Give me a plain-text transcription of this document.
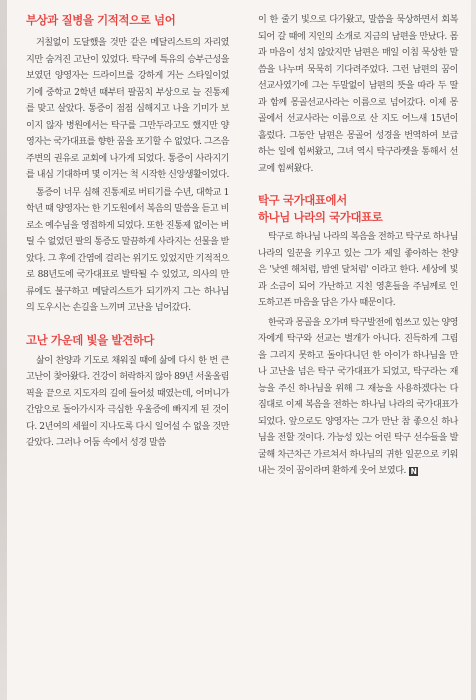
부상과 질병을 기적적으로 넘어

거칠없이 도달했을 것만 같은 메달리스트의 자리였지만 숨겨진 고난이 있었다. 탁구에 특유의 승부근성을 보였던 양영자는 드라이브를 강하게 거는 스타일이었기에 중학교 2학년 때부터 팔꿈치 부상으로 늘 진통제를 맞고 살았다. 통증이 점점 심해지고 나을 기미가 보이지 않자 병원에서는 탁구를 그만두라고도 했지만 양영자는 국가대표를 향한 꿈을 포기할 수 없었다. 그즈음 주변의 권유로 교회에 나가게 되었다. 통증이 사라지기를 내심 기대하며 몇 이거는 척 시작한 신앙생활이었다.

통증이 너무 심해 진통제로 버티기를 수년, 대학교 1학년 때 양영자는 한 기도원에서 복음의 말씀을 듣고 비로소 예수님을 영접하게 되었다. 또한 진통제 없이는 버틸 수 없었던 팔의 통증도 말끔하게 사라지는 선물을 받았다. 그 후에 간염에 걸리는 위기도 있었지만 기적적으로 88년도에 국가대표로 발탁될 수 있었고, 의사의 만류에도 불구하고 메달리스트가 되기까지 그는 하나님의 도우시는 손길을 느끼며 고난을 넘어갔다.

고난 가운데 빛을 발견하다

삶이 찬양과 기도로 채워질 때에 삶에 다시 한 번 큰 고난이 찾아왔다. 건강이 허락하지 않아 89년 서울올림픽을 끝으로 지도자의 길에 들어섰 때였는데, 어머니가 간암으로 돌아가시자 극심한 우울증에 빠지게 된 것이다. 2년여의 세월이 지나도록 다시 일어설 수 없을 것만 같았다. 그러나 어둠 속에서 성경 말씀

이 한 줄기 빛으로 다가왔고, 말씀을 묵상하면서 회복되어 갈 때에 지인의 소개로 지금의 남편을 만났다. 몸과 마음이 성치 않았지만 남편은 매일 이침 묵상한 말씀을 나누며 묵묵히 기다려주었다. 그런 남편의 꿈이 선교사였기에 그는 두말없이 남편의 뜻을 따라 두 딸과 함께 몽골선교사라는 이름으로 넘어갔다. 이제 몽골에서 선교사라는 이름으로 산 지도 어느새 15년이 흘렀다. 그동안 남편은 몽골어 성경을 번역하여 보급하는 일에 힘써왔고, 그녀 역시 탁구라켓을 통해서 선교에 힘써왔다.

탁구 국가대표에서
하나님 나라의 국가대표로

탁구로 하나님 나라의 복음을 전하고 탁구로 하나님 나라의 일꾼을 키우고 있는 그가 제일 좋아하는 찬양은 '낮엔 해처럼, 밤엔 달처럼' 이라고 한다. 세상에 빛과 소금이 되어 가난하고 지친 영혼들을 주님께로 인도하고픈 마음을 담은 가사 때문이다.

한국과 몽골을 오가며 탁구발전에 힘쓰고 있는 양영자에게 탁구와 선교는 별개가 아니다. 진득하게 그림을 그리지 못하고 돌아다니던 한 아이가 하나님을 만나 고난을 넘은 탁구 국가대표가 되었고, 탁구라는 재능을 주신 하나님을 위해 그 재능을 사용하겠다는 다짐대로 이제 복음을 전하는 하나님 나라의 국가대표가 되었다. 앞으로도 양영자는 그가 만난 참 좋으신 하나님을 전할 것이다. 가능성 있는 어린 탁구 선수들을 발굴해 차근차근 가르쳐서 하나님의 귀한 일꾼으로 키워내는 것이 꿈이라며 환하게 웃어 보였다. N
